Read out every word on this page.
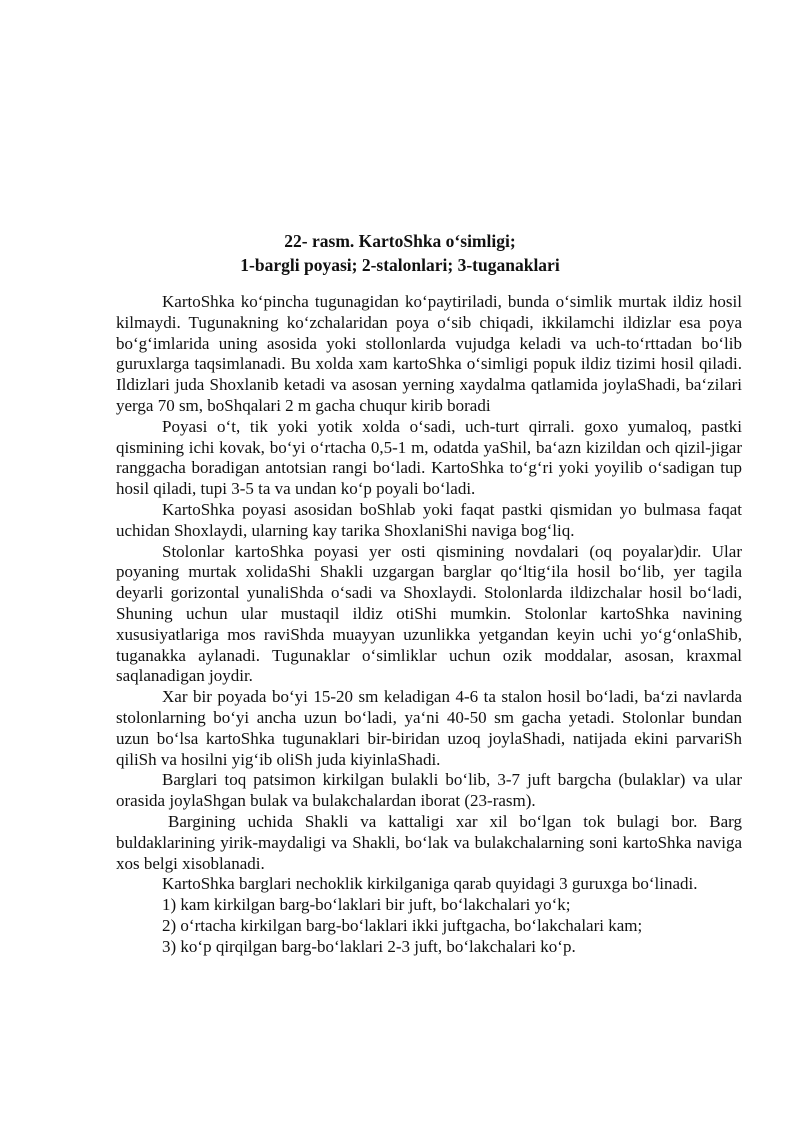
22- rasm. KartoShka o‘simligi;
1-bargli poyasi; 2-stalonlari; 3-tuganaklari

KartoShka ko‘pincha tugunagidan ko‘paytiriladi, bunda o‘simlik murtak ildiz hosil kilmaydi. Tugunakning ko‘zchalaridan poya o‘sib chiqadi, ikkilamchi ildizlar esa poya bo‘g‘imlarida uning asosida yoki stollonlarda vujudga keladi va uch-to‘rttadan bo‘lib guruxlarga taqsimlanadi. Bu xolda xam kartoShka o‘simligi popuk ildiz tizimi hosil qiladi. Ildizlari juda Shoxlanib ketadi va asosan yerning xaydalma qatlamida joylaShadi, ba‘zilari yerga 70 sm, boShqalari 2 m gacha chuqur kirib boradi

Poyasi o‘t, tik yoki yotik xolda o‘sadi, uch-turt qirrali. goxo yumaloq, pastki qismining ichi kovak, bo‘yi o‘rtacha 0,5-1 m, odatda yaShil, ba‘azn kizildan och qizil-jigar ranggacha boradigan antotsian rangi bo‘ladi. KartoShka to‘g‘ri yoki yoyilib o‘sadigan tup hosil qiladi, tupi 3-5 ta va undan ko‘p poyali bo‘ladi.

KartoShka poyasi asosidan boShlab yoki faqat pastki qismidan yo bulmasa faqat uchidan Shoxlaydi, ularning kay tarika ShoxlaniShi naviga bog‘liq.

Stolonlar kartoShka poyasi yer osti qismining novdalari (oq poyalar)dir. Ular poyaning murtak xolidaShi Shakli uzgargan barglar qo‘ltig‘ila hosil bo‘lib, yer tagila deyarli gorizontal yunaliShda o‘sadi va Shoxlaydi. Stolonlarda ildizchalar hosil bo‘ladi, Shuning uchun ular mustaqil ildiz otiShi mumkin. Stolonlar kartoShka navining xususiyatlariga mos raviShda muayyan uzunlikka yetgandan keyin uchi yo‘g‘onlaShib, tuganakka aylanadi. Tugunaklar o‘simliklar uchun ozik moddalar, asosan, kraxmal saqlanadigan joydir.

Xar bir poyada bo‘yi 15-20 sm keladigan 4-6 ta stalon hosil bo‘ladi, ba‘zi navlarda stolonlarning bo‘yi ancha uzun bo‘ladi, ya‘ni 40-50 sm gacha yetadi. Stolonlar bundan uzun bo‘lsa kartoShka tugunaklari bir-biridan uzoq joylaShadi, natijada ekini parvariSh qiliSh va hosilni yig‘ib oliSh juda kiyinlaShadi.

Barglari toq patsimon kirkilgan bulakli bo‘lib, 3-7 juft bargcha (bulaklar) va ular orasida joylaShgan bulak va bulakchalardan iborat (23-rasm).

Bargining uchida Shakli va kattaligi xar xil bo‘lgan tok bulagi bor. Barg buldaklarining yirik-maydaligi va Shakli, bo‘lak va bulakchalarning soni kartoShka naviga xos belgi xisoblanadi.

KartoShka barglari nechoklik kirkilganiga qarab quyidagi 3 guruxga bo‘linadi.

1) kam kirkilgan barg-bo‘laklari bir juft, bo‘lakchalari yo‘k;

2) o‘rtacha kirkilgan barg-bo‘laklari ikki juftgacha, bo‘lakchalari kam;

3) ko‘p qirqilgan barg-bo‘laklari 2-3 juft, bo‘lakchalari ko‘p.
